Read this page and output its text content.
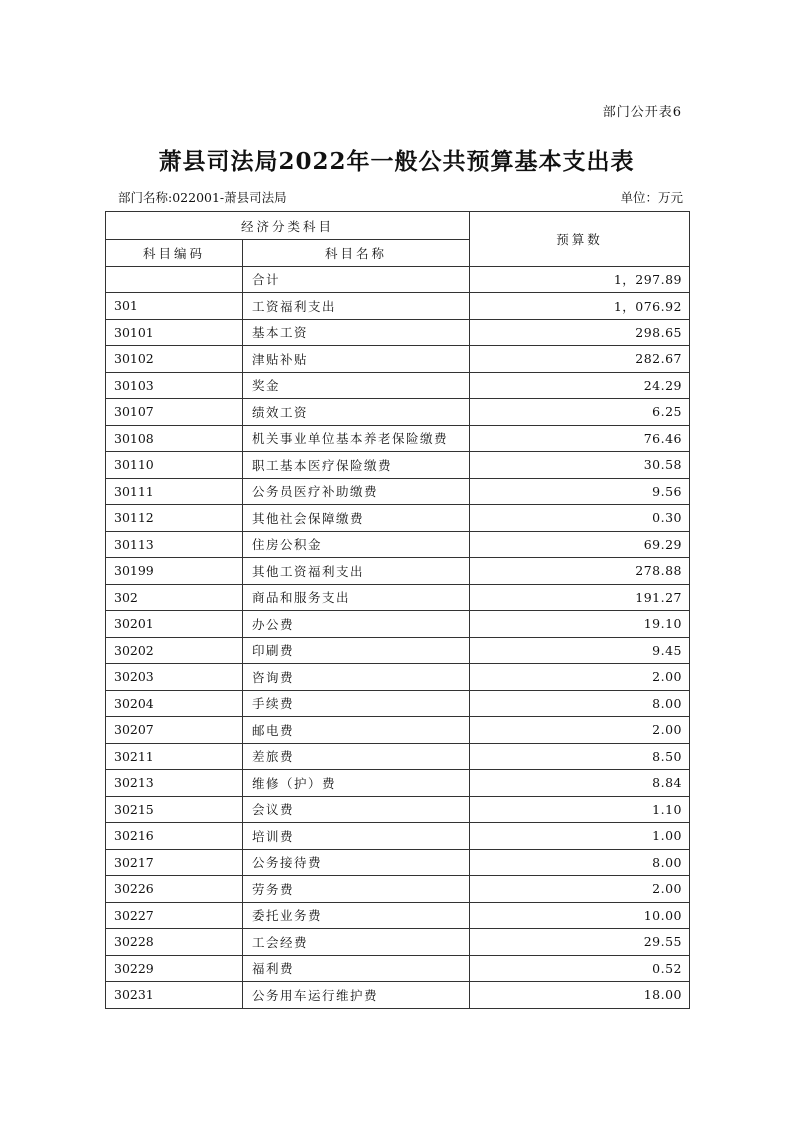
部门公开表6
萧县司法局2022年一般公共预算基本支出表
部门名称:022001-萧县司法局	单位：万元
经济分类科目		预算数
科目编码	科目名称	
	合计	1，297.89
301	工资福利支出	1，076.92
30101	基本工资	298.65
30102	津贴补贴	282.67
30103	奖金	24.29
30107	绩效工资	6.25
30108	机关事业单位基本养老保险缴费	76.46
30110	职工基本医疗保险缴费	30.58
30111	公务员医疗补助缴费	9.56
30112	其他社会保障缴费	0.30
30113	住房公积金	69.29
30199	其他工资福利支出	278.88
302	商品和服务支出	191.27
30201	办公费	19.10
30202	印刷费	9.45
30203	咨询费	2.00
30204	手续费	8.00
30207	邮电费	2.00
30211	差旅费	8.50
30213	维修（护）费	8.84
30215	会议费	1.10
30216	培训费	1.00
30217	公务接待费	8.00
30226	劳务费	2.00
30227	委托业务费	10.00
30228	工会经费	29.55
30229	福利费	0.52
30231	公务用车运行维护费	18.00
